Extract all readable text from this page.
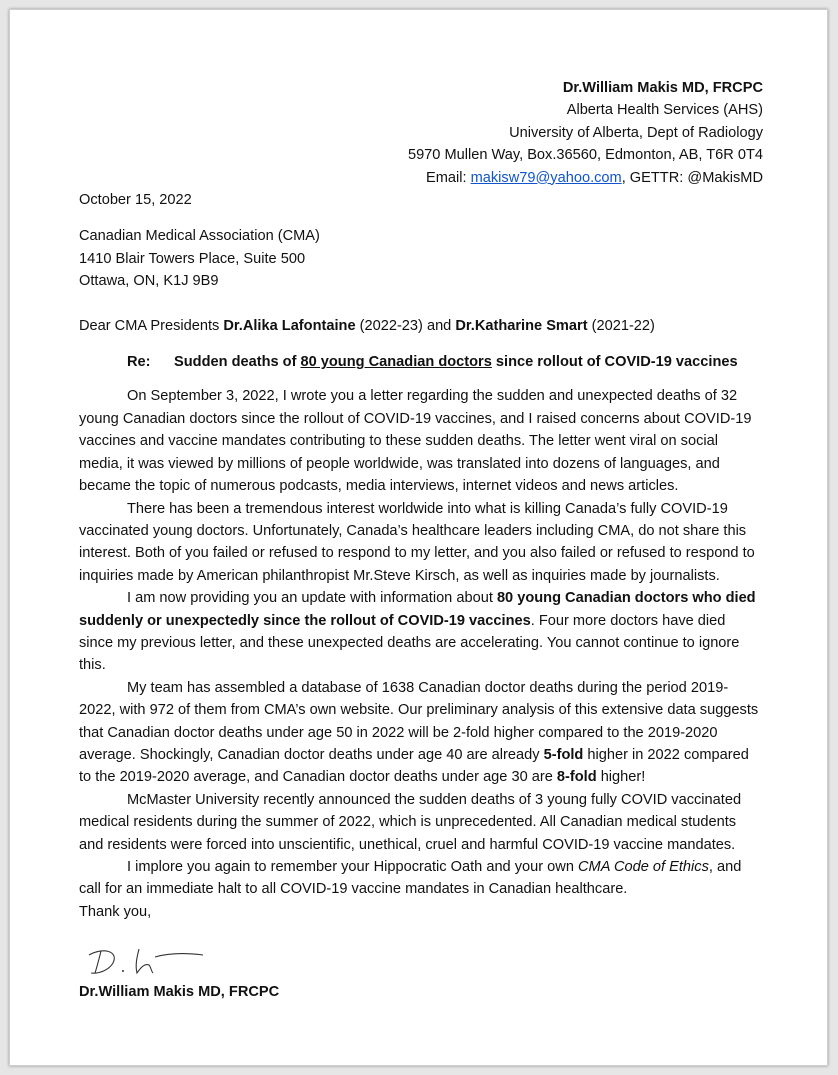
Dr.William Makis MD, FRCPC
Alberta Health Services (AHS)
University of Alberta, Dept of Radiology
5970 Mullen Way, Box.36560, Edmonton, AB, T6R 0T4
Email: makisw79@yahoo.com, GETTR: @MakisMD
October 15, 2022
Canadian Medical Association (CMA)
1410 Blair Towers Place, Suite 500
Ottawa, ON, K1J 9B9
Dear CMA Presidents Dr.Alika Lafontaine (2022-23) and Dr.Katharine Smart (2021-22)
Re: Sudden deaths of 80 young Canadian doctors since rollout of COVID-19 vaccines

On September 3, 2022, I wrote you a letter regarding the sudden and unexpected deaths of 32 young Canadian doctors since the rollout of COVID-19 vaccines, and I raised concerns about COVID-19 vaccines and vaccine mandates contributing to these sudden deaths. The letter went viral on social media, it was viewed by millions of people worldwide, was translated into dozens of languages, and became the topic of numerous podcasts, media interviews, internet videos and news articles.

There has been a tremendous interest worldwide into what is killing Canada’s fully COVID-19 vaccinated young doctors. Unfortunately, Canada’s healthcare leaders including CMA, do not share this interest. Both of you failed or refused to respond to my letter, and you also failed or refused to respond to inquiries made by American philanthropist Mr.Steve Kirsch, as well as inquiries made by journalists.

I am now providing you an update with information about 80 young Canadian doctors who died suddenly or unexpectedly since the rollout of COVID-19 vaccines. Four more doctors have died since my previous letter, and these unexpected deaths are accelerating. You cannot continue to ignore this.

My team has assembled a database of 1638 Canadian doctor deaths during the period 2019-2022, with 972 of them from CMA’s own website. Our preliminary analysis of this extensive data suggests that Canadian doctor deaths under age 50 in 2022 will be 2-fold higher compared to the 2019-2020 average. Shockingly, Canadian doctor deaths under age 40 are already 5-fold higher in 2022 compared to the 2019-2020 average, and Canadian doctor deaths under age 30 are 8-fold higher!

McMaster University recently announced the sudden deaths of 3 young fully COVID vaccinated medical residents during the summer of 2022, which is unprecedented. All Canadian medical students and residents were forced into unscientific, unethical, cruel and harmful COVID-19 vaccine mandates.

I implore you again to remember your Hippocratic Oath and your own CMA Code of Ethics, and call for an immediate halt to all COVID-19 vaccine mandates in Canadian healthcare.

Thank you,
Dr.William Makis MD, FRCPC
